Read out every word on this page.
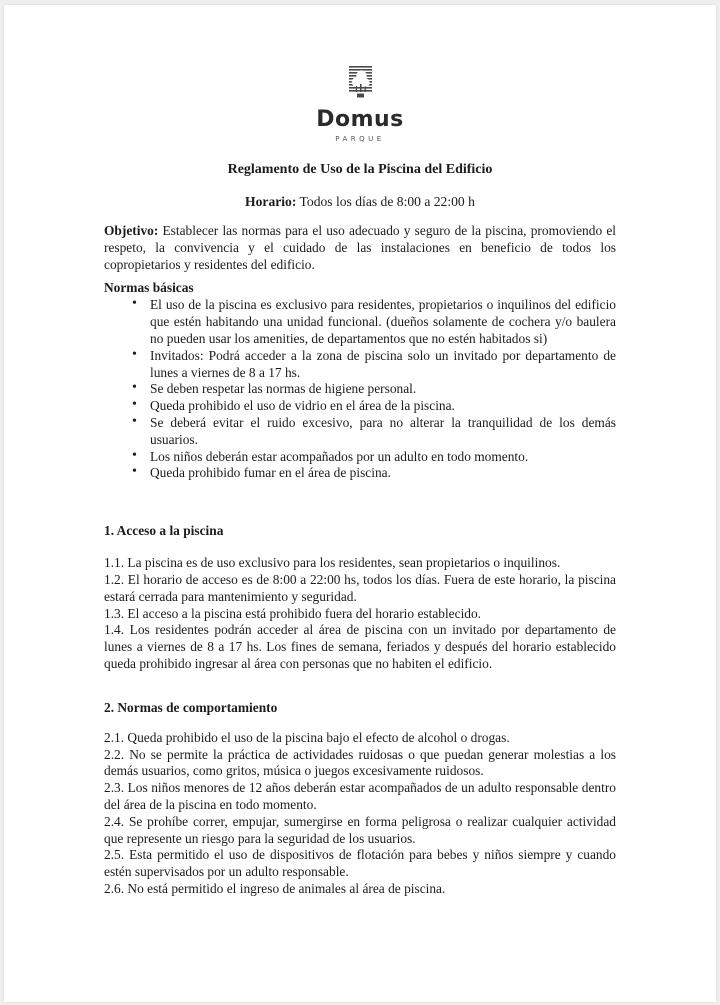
Domus
PARQUE
Reglamento de Uso de la Piscina del Edificio
Horario: Todos los días de 8:00 a 22:00 h

Objetivo: Establecer las normas para el uso adecuado y seguro de la piscina, promoviendo el respeto, la convivencia y el cuidado de las instalaciones en beneficio de todos los copropietarios y residentes del edificio.

Normas básicas

• El uso de la piscina es exclusivo para residentes, propietarios o inquilinos del edificio que estén habitando una unidad funcional. (dueños solamente de cochera y/o baulera no pueden usar los amenities, de departamentos que no estén habitados si)
• Invitados: Podrá acceder a la zona de piscina solo un invitado por departamento de lunes a viernes de 8 a 17 hs.
• Se deben respetar las normas de higiene personal.
• Queda prohibido el uso de vidrio en el área de la piscina.
• Se deberá evitar el ruido excesivo, para no alterar la tranquilidad de los demás usuarios.
• Los niños deberán estar acompañados por un adulto en todo momento.
• Queda prohibido fumar en el área de piscina.

1. Acceso a la piscina

1.1. La piscina es de uso exclusivo para los residentes, sean propietarios o inquilinos.

1.2. El horario de acceso es de 8:00 a 22:00 hs, todos los días. Fuera de este horario, la piscina estará cerrada para mantenimiento y seguridad.

1.3. El acceso a la piscina está prohibido fuera del horario establecido.

1.4. Los residentes podrán acceder al área de piscina con un invitado por departamento de lunes a viernes de 8 a 17 hs. Los fines de semana, feriados y después del horario establecido queda prohibido ingresar al área con personas que no habiten el edificio.

2. Normas de comportamiento

2.1. Queda prohibido el uso de la piscina bajo el efecto de alcohol o drogas.

2.2. No se permite la práctica de actividades ruidosas o que puedan generar molestias a los demás usuarios, como gritos, música o juegos excesivamente ruidosos.

2.3. Los niños menores de 12 años deberán estar acompañados de un adulto responsable dentro del área de la piscina en todo momento.

2.4. Se prohíbe correr, empujar, sumergirse en forma peligrosa o realizar cualquier actividad que represente un riesgo para la seguridad de los usuarios.

2.5. Esta permitido el uso de dispositivos de flotación para bebes y niños siempre y cuando estén supervisados por un adulto responsable.

2.6. No está permitido el ingreso de animales al área de piscina.
